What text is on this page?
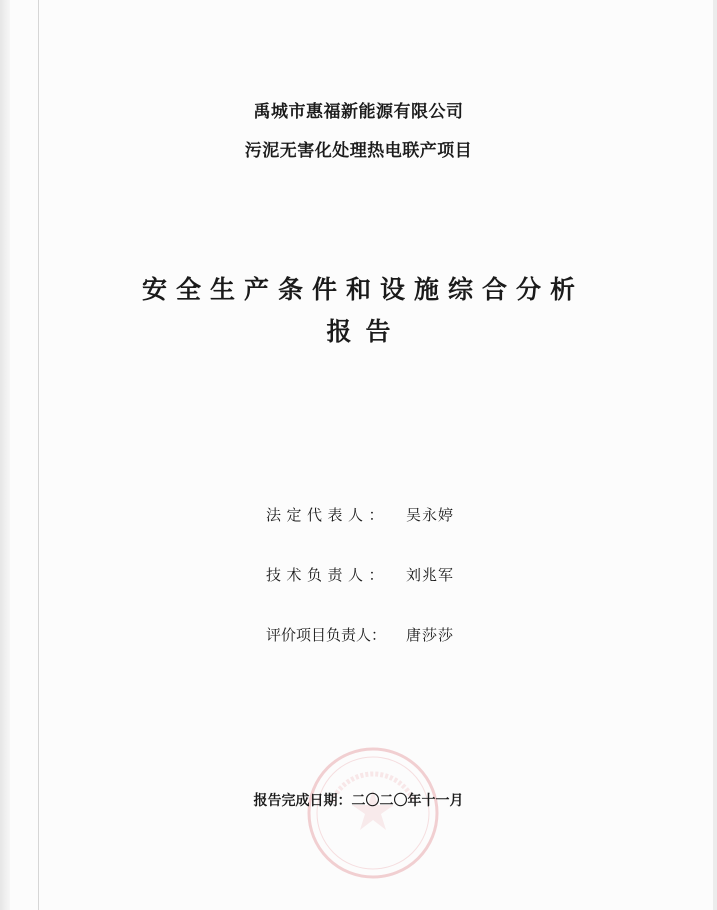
禹城市惠福新能源有限公司
污泥无害化处理热电联产项目
安全生产条件和设施综合分析
报告
法定代表人： 吴永婷
技术负责人： 刘兆军
评价项目负责人： 唐莎莎
报告完成日期：二〇二〇年十一月
